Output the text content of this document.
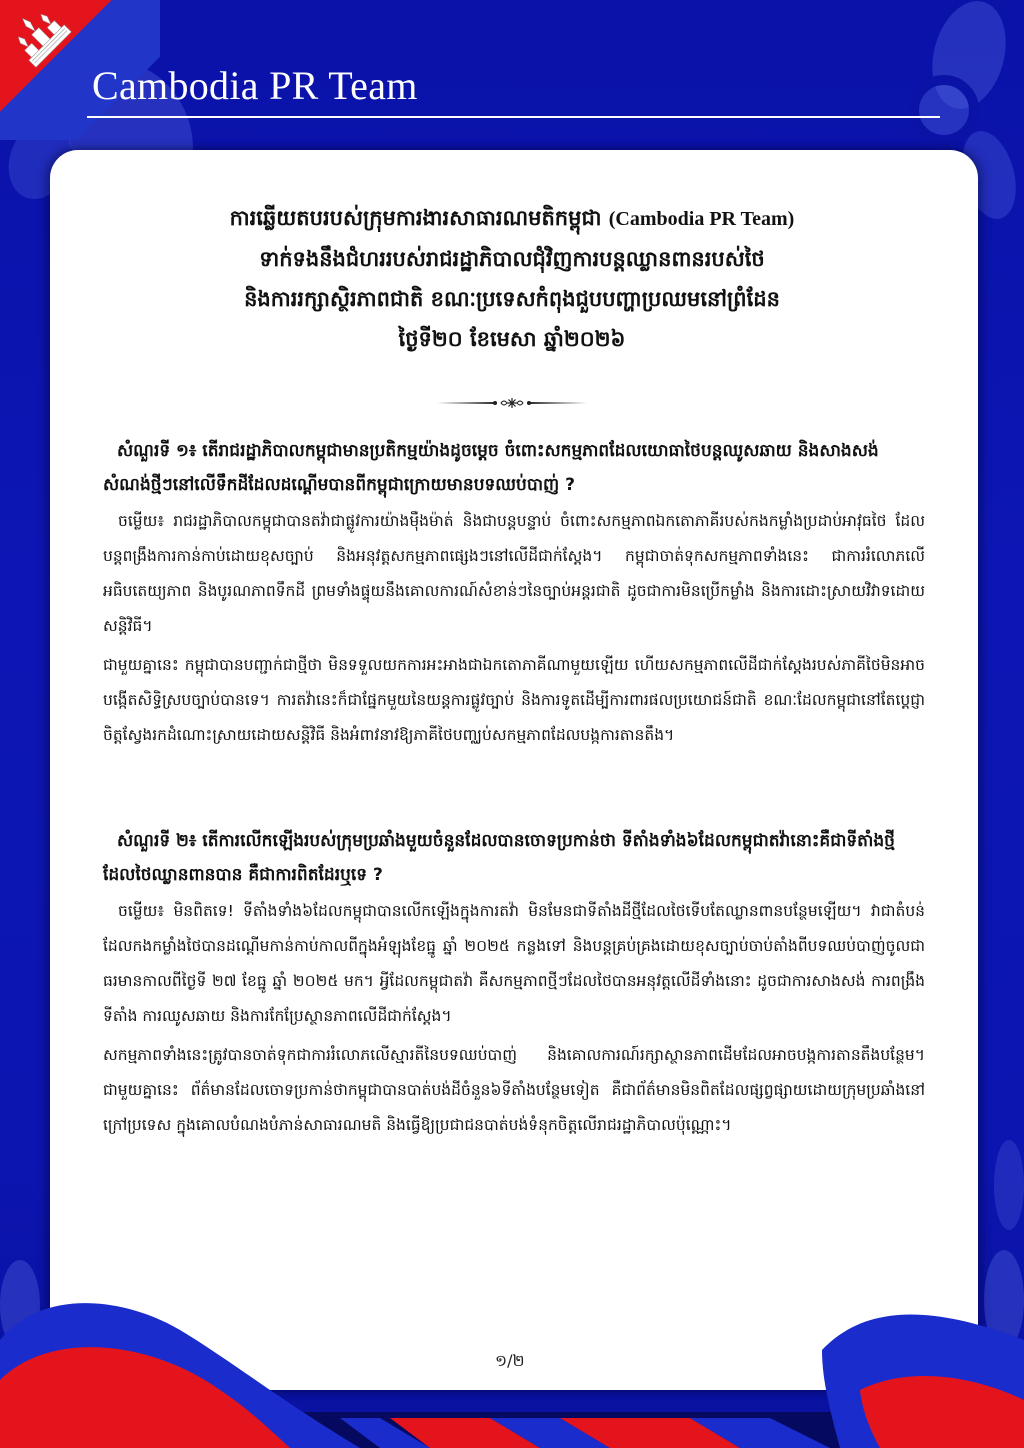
Cambodia PR Team
ការឆ្លើយតបរបស់ក្រុមការងារសាធារណមតិកម្ពុជា (Cambodia PR Team)
ទាក់ទងនឹងជំហររបស់រាជរដ្ឋាភិបាលជុំវិញការបន្តឈ្លានពានរបស់ថៃ
និងការរក្សាស្ថិរភាពជាតិ ខណៈប្រទេសកំពុងជួបបញ្ហាប្រឈមនៅព្រំដែន
ថ្ងៃទី២០ ខែមេសា ឆ្នាំ២០២៦
សំណួរទី ១៖ តើរាជរដ្ឋាភិបាលកម្ពុជាមានប្រតិកម្មយ៉ាងដូចម្តេច ចំពោះសកម្មភាពដែលយោធាថៃបន្តឈូសឆាយ និងសាងសង់សំណង់ថ្មីៗនៅលើទឹកដីដែលដណ្តើមបានពីកម្ពុជាក្រោយមានបទឈប់បាញ់ ?
ចម្លើយ៖ រាជរដ្ឋាភិបាលកម្ពុជាបានតវ៉ាជាផ្លូវការយ៉ាងម៉ឺងម៉ាត់ និងជាបន្តបន្ទាប់ ចំពោះសកម្មភាពឯកតោភាគីរបស់កងកម្លាំងប្រដាប់អាវុធថៃ ដែលបន្តពង្រឹងការកាន់កាប់ដោយខុសច្បាប់ និងអនុវត្តសកម្មភាពផ្សេងៗនៅលើដីជាក់ស្តែង។ កម្ពុជាចាត់ទុកសកម្មភាពទាំងនេះ ជាការរំលោភលើអធិបតេយ្យភាព និងបូរណភាពទឹកដី ព្រមទាំងផ្ទុយនឹងគោលការណ៍សំខាន់ៗនៃច្បាប់អន្តរជាតិ ដូចជាការមិនប្រើកម្លាំង និងការដោះស្រាយវិវាទដោយសន្តិវិធី។
ជាមួយគ្នានេះ កម្ពុជាបានបញ្ជាក់ជាថ្មីថា មិនទទួលយកការអះអាងជាឯកតោភាគីណាមួយឡើយ ហើយសកម្មភាពលើដីជាក់ស្តែងរបស់ភាគីថៃមិនអាចបង្កើតសិទ្ធិស្របច្បាប់បានទេ។ ការតវ៉ានេះក៏ជាផ្នែកមួយនៃយន្តការផ្លូវច្បាប់ និងការទូតដើម្បីការពារផលប្រយោជន៍ជាតិ ខណៈដែលកម្ពុជានៅតែប្តេជ្ញាចិត្តស្វែងរកដំណោះស្រាយដោយសន្តិវិធី និងអំពាវនាវឱ្យភាគីថៃបញ្ឈប់សកម្មភាពដែលបង្កការតានតឹង។
សំណួរទី ២៖ តើការលើកឡើងរបស់ក្រុមប្រឆាំងមួយចំនួនដែលបានចោទប្រកាន់ថា ទីតាំងទាំង៦ដែលកម្ពុជាតវ៉ានោះគឺជាទីតាំងថ្មីដែលថៃឈ្លានពានបាន គឺជាការពិតដែរឬទេ ?
ចម្លើយ៖ មិនពិតទេ! ទីតាំងទាំង៦ដែលកម្ពុជាបានលើកឡើងក្នុងការតវ៉ា មិនមែនជាទីតាំងដីថ្មីដែលថៃទើបតែឈ្លានពានបន្ថែមឡើយ។ វាជាតំបន់ដែលកងកម្លាំងថៃបានដណ្តើមកាន់កាប់កាលពីក្នុងអំឡុងខែធ្នូ ឆ្នាំ ២០២៥ កន្លងទៅ និងបន្តគ្រប់គ្រងដោយខុសច្បាប់ចាប់តាំងពីបទឈប់បាញ់ចូលជាធរមានកាលពីថ្ងៃទី ២៧ ខែធ្នូ ឆ្នាំ ២០២៥ មក។ អ្វីដែលកម្ពុជាតវ៉ា គឺសកម្មភាពថ្មីៗដែលថៃបានអនុវត្តលើដីទាំងនោះ ដូចជាការសាងសង់ ការពង្រឹងទីតាំង ការឈូសឆាយ និងការកែប្រែស្ថានភាពលើដីជាក់ស្តែង។
សកម្មភាពទាំងនេះត្រូវបានចាត់ទុកជាការរំលោភលើស្មារតីនៃបទឈប់បាញ់ និងគោលការណ៍រក្សាស្ថានភាពដើមដែលអាចបង្កការតានតឹងបន្ថែម។ ជាមួយគ្នានេះ ព័ត៌មានដែលចោទប្រកាន់ថាកម្ពុជាបានបាត់បង់ដីចំនួន៦ទីតាំងបន្ថែមទៀត គឺជាព័ត៌មានមិនពិតដែលផ្សព្វផ្សាយដោយក្រុមប្រឆាំងនៅក្រៅប្រទេស ក្នុងគោលបំណងបំភាន់សាធារណមតិ និងធ្វើឱ្យប្រជាជនបាត់បង់ទំនុកចិត្តលើរាជរដ្ឋាភិបាលប៉ុណ្ណោះ។
១/២
